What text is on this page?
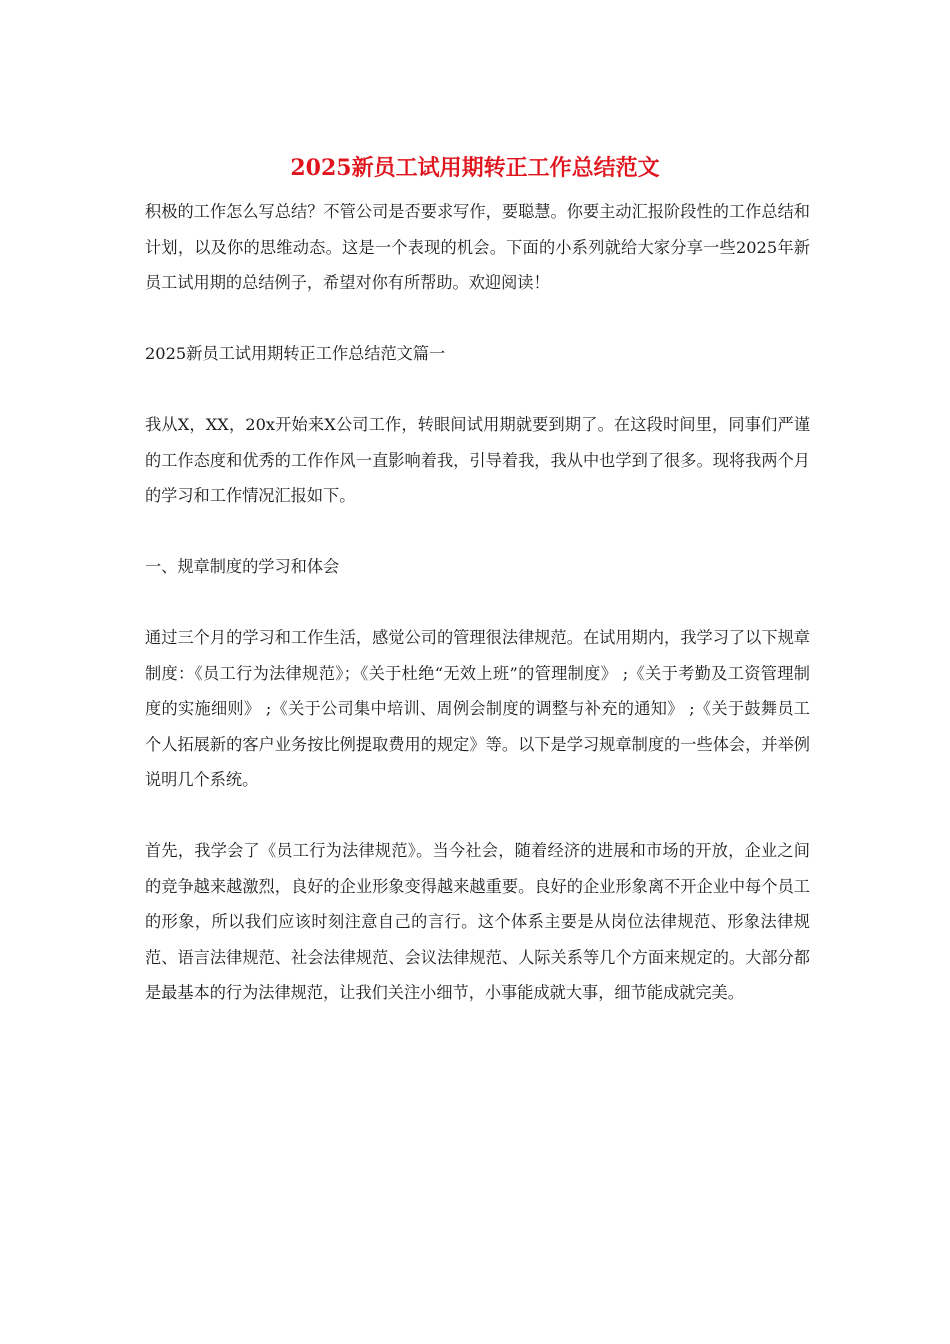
2025新员工试用期转正工作总结范文

积极的工作怎么写总结？不管公司是否要求写作，要聪慧。你要主动汇报阶段性的工作总结和计划，以及你的思维动态。这是一个表现的机会。下面的小系列就给大家分享一些2025年新员工试用期的总结例子，希望对你有所帮助。欢迎阅读！

2025新员工试用期转正工作总结范文篇一

我从X，XX，20x开始来X公司工作，转眼间试用期就要到期了。在这段时间里，同事们严谨的工作态度和优秀的工作作风一直影响着我，引导着我，我从中也学到了很多。现将我两个月的学习和工作情况汇报如下。

一、规章制度的学习和体会

通过三个月的学习和工作生活，感觉公司的管理很法律规范。在试用期内，我学习了以下规章制度：《员工行为法律规范》；《关于杜绝“无效上班”的管理制度》 ;《关于考勤及工资管理制度的实施细则》 ;《关于公司集中培训、周例会制度的调整与补充的通知》 ;《关于鼓舞员工个人拓展新的客户业务按比例提取费用的规定》等。以下是学习规章制度的一些体会，并举例说明几个系统。

首先，我学会了《员工行为法律规范》。当今社会，随着经济的进展和市场的开放，企业之间的竞争越来越激烈，良好的企业形象变得越来越重要。良好的企业形象离不开企业中每个员工的形象，所以我们应该时刻注意自己的言行。这个体系主要是从岗位法律规范、形象法律规范、语言法律规范、社会法律规范、会议法律规范、人际关系等几个方面来规定的。大部分都是最基本的行为法律规范，让我们关注小细节，小事能成就大事，细节能成就完美。
